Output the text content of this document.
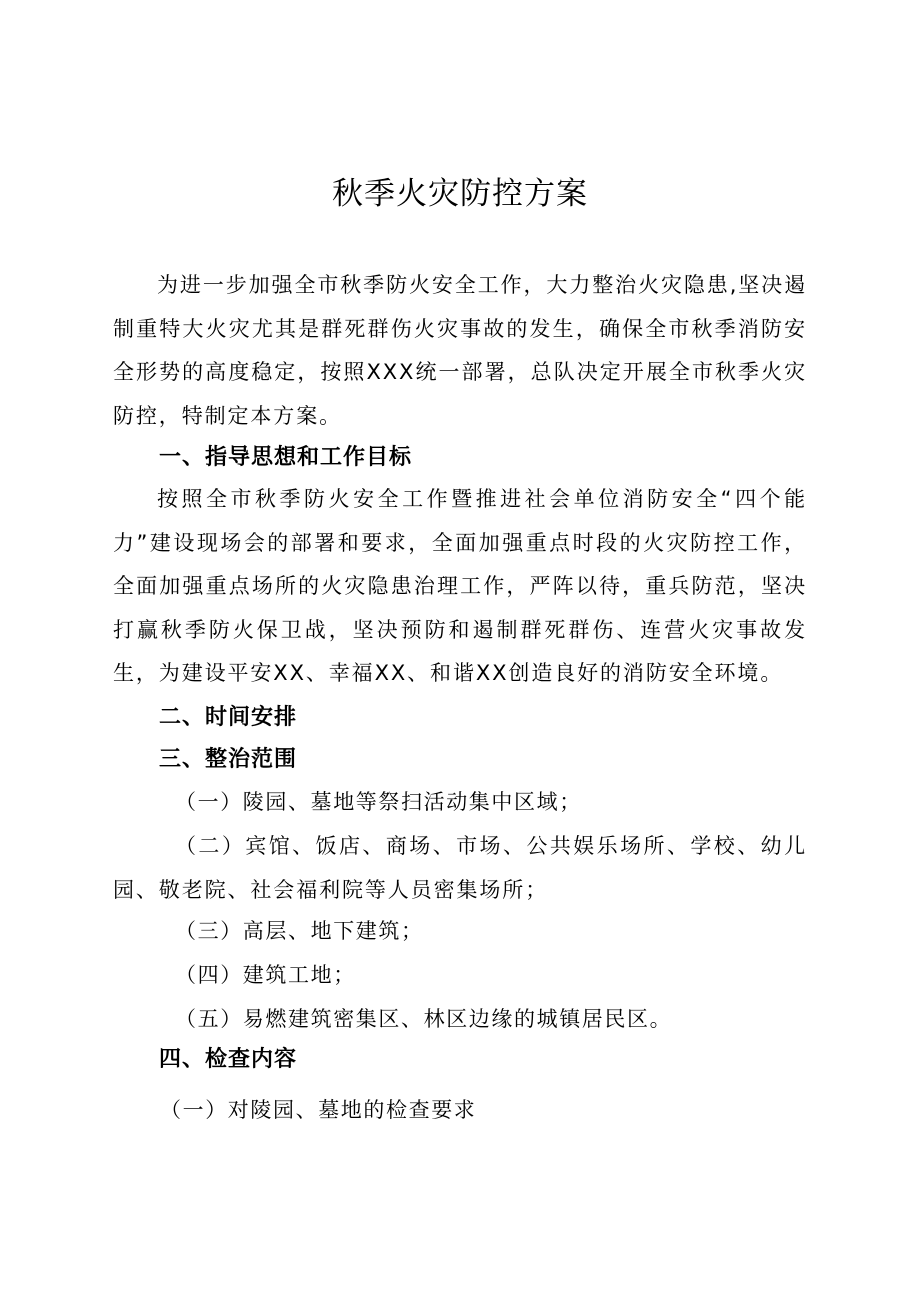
秋季火灾防控方案

为进一步加强全市秋季防火安全工作，大力整治火灾隐患,坚决遏制重特大火灾尤其是群死群伤火灾事故的发生，确保全市秋季消防安全形势的高度稳定，按照XXX统一部署，总队决定开展全市秋季火灾防控，特制定本方案。

一、指导思想和工作目标

按照全市秋季防火安全工作暨推进社会单位消防安全“四个能力”建设现场会的部署和要求，全面加强重点时段的火灾防控工作，全面加强重点场所的火灾隐患治理工作，严阵以待，重兵防范，坚决打赢秋季防火保卫战，坚决预防和遏制群死群伤、连营火灾事故发生，为建设平安XX、幸福XX、和谐XX创造良好的消防安全环境。

二、时间安排
三、整治范围

（一）陵园、墓地等祭扫活动集中区域；

（二）宾馆、饭店、商场、市场、公共娱乐场所、学校、幼儿园、敬老院、社会福利院等人员密集场所；

（三）高层、地下建筑；

（四）建筑工地；

（五）易燃建筑密集区、林区边缘的城镇居民区。

四、检查内容

（一）对陵园、墓地的检查要求
